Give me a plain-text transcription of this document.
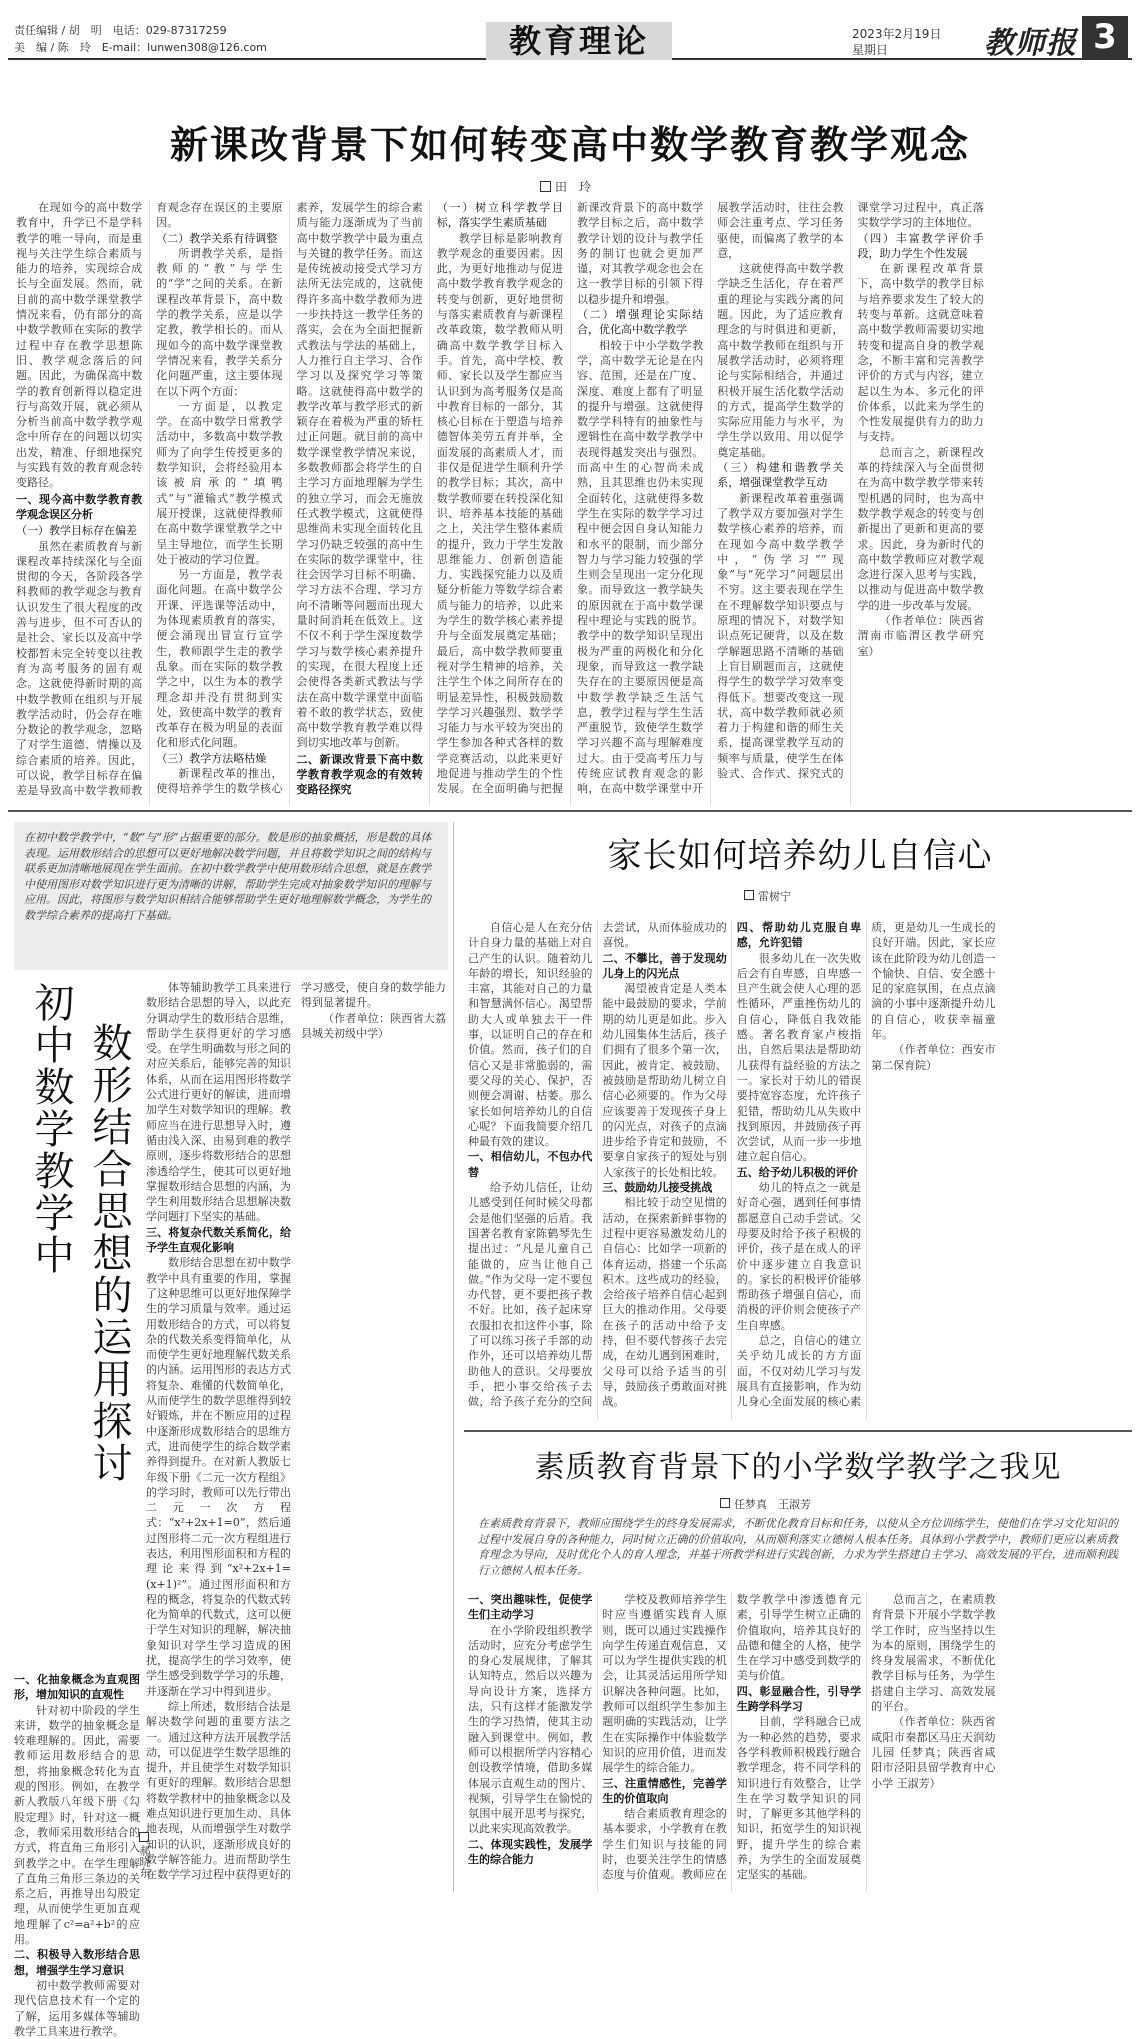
责任编辑 / 胡　明　电话：029-87317259
美　编 / 陈　玲　E-mail：lunwen308@126.com	教育理论	2023年2月19日
星期日	教师报 3
新课改背景下如何转变高中数学教育教学观念
田　玲

在现如今的高中数学教育中，升学已不是学科教学的唯一导向，而是重视与关注学生综合素质与能力的培养，实现综合成长与全面发展。然而，就目前的高中数学课堂教学情况来看，仍有部分的高中数学教师在实际的教学过程中存在教学思想陈旧、教学观念落后的问题。因此，为确保高中数学的教育创新得以稳定进行与高效开展，就必须从分析当前高中数学教学观念中所存在的问题以切实出发，精准、仔细地探究与实践有效的教育观念转变路径。

一、现今高中数学教育教学观念误区分析
（一）教学目标存在偏差

虽然在素质教育与新课程改革持续深化与全面贯彻的今天，各阶段各学科教师的教学观念与教育认识发生了很大程度的改善与进步，但不可否认的是社会、家长以及高中学校都暂未完全转变以往教育为高考服务的固有观念。这就使得新时期的高中数学教师在组织与开展教学活动时，仍会存在唯分数论的教学观念，忽略了对学生道德、情操以及综合素质的培养。因此，可以说，教学目标存在偏差是导致高中数学教师教育观念存在误区的主要原因。

（二）教学关系有待调整

所谓教学关系，是指教师的“教”与学生的“学”之间的关系。在新课程改革背景下，高中数学的教学关系，应是以学定教，教学相长的。而从现如今的高中数学课堂教学情况来看，教学关系分化问题严重，这主要体现在以下两个方面：

一方面是，以教定学。在高中数学日常教学活动中，多数高中数学教师为了向学生传授更多的数学知识，会将经验用本该被肩承的“填鸭式”与“灌输式”教学模式展开授课，这就使得教师在高中数学课堂教学之中呈主导地位，而学生长期处于被动的学习位置。

另一方面是，教学表面化问题。在高中数学公开课、评选课等活动中，为体现素质教育的落实，便会涌现出冒宣行宣学生，教师跟学生走的教学乱象。而在实际的数学教学之中，以生为本的教学理念却并没有贯彻到实处，致使高中数学的教育改革存在极为明显的表面化和形式化问题。

（三）教学方法略枯燥

新课程改革的推出，使得培养学生的数学核心素养，发展学生的综合素质与能力逐渐成为了当前高中数学教学中最为重点与关键的教学任务。而这是传统被动接受式学习方法所无法完成的，这就使得许多高中数学教师为进一步扶持这一教学任务的落实，会在为全面把握新式教法与学法的基础上，人力推行自主学习、合作学习以及探究学习等策略。这就使得高中数学的教学改革与教学形式的新颖存在着极为严重的矫枉过正问题。就目前的高中数学课堂教学情况来说，多数教师都会将学生的自主学习方面地理解为学生的独立学习，而会无施放任式教学模式，这就使得思维尚未实现全面转化且学习仍缺乏较强的高中生在实际的数学课堂中，往往会因学习目标不明确、学习方法不合理、学习方向不清晰等问题而出现大量时间消耗在低效上。这不仅不利于学生深度数学学习与数学核心素养提升的实现，在很大程度上还会使得各类新式教法与学法在高中数学课堂中面临着不敢的教学状态，致使高中数学教育教学难以得到切实地改革与创新。

二、新课改背景下高中数学教育教学观念的有效转变路径探究
（一）树立科学教学目标，落实学生素质基础

教学目标是影响教育教学观念的重要因素。因此，为更好地推动与促进高中数学教育教学观念的转变与创新，更好地贯彻与落实素质教育与新课程改革政策，数学教师从明确高中数学教学目标入手。首先，高中学校、教师、家长以及学生都应当认识到为高考服务仅是高中教育目标的一部分，其核心目标在于塑造与培养德智体美劳五育并举，全面发展的高素质人才，而非仅是促进学生顺利升学的教学目标；其次，高中数学教师要在转投深化知识、培养基本技能的基础之上，关注学生整体素质的提升，致力于学生发散思维能力、创新创造能力、实践探究能力以及质疑分析能力等数学综合素质与能力的培养，以此来为学生的数学核心素养提升与全面发展奠定基础；最后，高中数学教师要重视对学生精神的培养，关注学生个体之间所存在的明显差异性，积极鼓励数学学习兴趣强烈、数学学习能力与水平较为突出的学生参加各种式各样的数学竞赛活动，以此来更好地促进与推动学生的个性发展。在全面明确与把握新课改背景下的高中数学教学目标之后，高中数学教学计划的设计与教学任务的制订也就会更加严谨，对其教学观念也会在这一教学目标的引领下得以稳步提升和增强。

（二）增强理论实际结合，优化高中数学教学

相较于中小学数学教学，高中数学无论是在内容、范围，还是在广度、深度、难度上都有了明显的提升与增强。这就使得数学学科特有的抽象性与逻辑性在高中数学教学中表现得越发突出与强烈。而高中生的心智尚未成熟，且其思维也仍未实现全面转化，这就使得多数学生在实际的数学学习过程中便会因自身认知能力和水平的限制，而少部分智力与学习能力较强的学生则会呈现出一定分化现象。而导致这一教学缺失的原因就在于高中数学课程中理论与实践的脱节。教学中的数学知识呈现出极为严重的两极化和分化现象，而导致这一教学缺失存在的主要原因便是高中数学教学缺乏生活气息，教学过程与学生生活严重脱节，致使学生数学学习兴趣不高与理解难度过大。由于受高考压力与传统应试教育观念的影响，在高中数学课堂中开展教学活动时，往往会教师会注重考点、学习任务驱使，而偏离了教学的本意，

这就使得高中数学教学缺乏生活化，存在着严重的理论与实践分离的问题。因此，为了适应教育理念的与时俱进和更新，高中数学教师在组织与开展教学活动时，必须将理论与实际相结合，并通过积极开展生活化数学活动的方式，提高学生数学的实际应用能力与水平，为学生学以致用、用以促学奠定基础。

（三）构建和谐教学关系，增强课堂教学互动

新课程改革着重强调了教学双方要加强对学生数学核心素养的培养，而在现如今高中数学教学中，“伪学习”“现象”与“死学习”问题层出不穷。这主要表现在学生在不理解数学知识要点与原理的情况下，对数学知识点死记硬背，以及在数学解题思路不清晰的基础上盲目刷题而言，这就使得学生的数学学习效率变得低下。想要改变这一现状，高中数学教师就必须着力于构建和谐的师生关系，提高课堂教学互动的频率与质量，使学生在体验式、合作式、探究式的课堂学习过程中，真正落实数学学习的主体地位。

（四）丰富教学评价手段，助力学生个性发展

在新课程改革背景下，高中数学的教学目标与培养要求发生了较大的转变与革新。这就意味着高中数学教师需要切实地转变和提高自身的教学观念，不断丰富和完善教学评价的方式与内容，建立起以生为本、多元化的评价体系，以此来为学生的个性发展提供有力的助力与支持。

总而言之，新课程改革的持续深入与全面贯彻在为高中数学教学带来转型机遇的同时，也为高中数学教学观念的转变与创新提出了更新和更高的要求。因此，身为新时代的高中数学教师应对教学观念进行深入思考与实践，以推动与促进高中数学教学的进一步改革与发展。

（作者单位：陕西省渭南市临渭区教学研究室）

在初中数学教学中，“数”与“形”占据重要的部分。数是形的抽象概括，形是数的具体表现。运用数形结合的思想可以更好地解决数学问题，并且将数学知识之间的结构与联系更加清晰地展现在学生面前。在初中数学教学中使用数形结合思想，就是在教学中使用图形对数学知识进行更为清晰的讲解，帮助学生完成对抽象数学知识的理解与应用。因此，将图形与数学知识相结合能够帮助学生更好地理解数学概念，为学生的数学综合素养的提高打下基础。
初中数学教学中 数形结合思想的运用探讨
郝晓东

体等辅助教学工具来进行数形结合思想的导入，以此充分调动学生的数形结合思维，帮助学生获得更好的学习感受。在学生明确数与形之间的对应关系后，能够完善的知识体系，从而在运用图形将数学公式进行更好的解读，进而增加学生对数学知识的理解。教师应当在进行思想导入时，遵循由浅入深、由易到难的教学原则，逐步将数形结合的思想渗透给学生，使其可以更好地掌握数形结合思想的内涵，为学生利用数形结合思想解决数学问题打下坚实的基础。

三、将复杂代数关系简化，给予学生直观化影响

数形结合思想在初中数学教学中具有重要的作用，掌握了这种思维可以更好地保障学生的学习质量与效率。通过运用数形结合的方式，可以将复杂的代数关系变得简单化，从而使学生更好地理解代数关系的内涵。运用图形的表达方式将复杂、难懂的代数简单化，从而使学生的数学思维得到较好锻炼，并在不断应用的过程中逐渐形成数形结合的思维方式，进而使学生的综合数学素养得到提升。在对新人教版七年级下册《二元一次方程组》的学习时，教师可以先行带出二元一次方程式：“x²+2x+1=0”，然后通过图形将二元一次方程组进行表达，利用图形面积和方程的理论来得到“x²+2x+1=(x+1)²”。通过图形面积和方程的概念，将复杂的代数式转化为简单的代数式，这可以便于学生对知识的理解，解决抽象知识对学生学习造成的困扰，提高学生的学习效率，使学生感受到数学学习的乐趣，并逐渐在学习中得到进步。

综上所述，数形结合法是解决数学问题的重要方法之一。通过这种方法开展教学活动，可以促进学生数学思维的提升，并且使学生对数学知识有更好的理解。数形结合思想将数学教材中的抽象概念以及难点知识进行更加生动、具体地表现，从而增强学生对数学知识的认识，逐渐形成良好的数学解答能力。进而帮助学生在数学学习过程中获得更好的学习感受，使自身的数学能力得到显著提升。

（作者单位：陕西省大荔县城关初级中学）

一、化抽象概念为直观图形，增加知识的直观性

针对初中阶段的学生来讲，数学的抽象概念是较难理解的。因此，需要教师运用数形结合的思想，将抽象概念转化为直观的图形。例如，在教学新人教版八年级下册《勾股定理》时，针对这一概念，教师采用数形结合的方式，将直角三角形引入到教学之中。在学生理解了直角三角形三条边的关系之后，再推导出勾股定理，从而使学生更加直观地理解了c²=a²+b²的应用。

二、积极导入数形结合思想，增强学生学习意识

初中数学教师需要对现代信息技术有一个定的了解，运用多媒体等辅助教学工具来进行教学。

家长如何培养幼儿自信心
雷树宁

自信心是人在充分估计自身力量的基础上对自己产生的认识。随着幼儿年龄的增长，知识经验的丰富，其能对自己的力量和智慧满怀信心。渴望帮助大人或单独去干一件事，以证明自己的存在和价值。然而，孩子们的自信心又是非常脆弱的，需要父母的关心、保护，否则便会凋谢、枯萎。那么家长如何培养幼儿的自信心呢？下面我简要介绍几种最有效的建议。

一、相信幼儿，不包办代替

给予幼儿信任，让幼儿感受到任何时候父母都会是他们坚强的后盾。我国著名教育家陈鹤琴先生提出过：“凡是儿童自己能做的，应当让他自己做。”作为父母一定不要包办代替，更不要把孩子教不好。比如，孩子起床穿衣服扣衣扣这件小事，除了可以练习孩子手部的动作外，还可以培养幼儿帮助他人的意识。父母要放手，把小事交给孩子去做，给予孩子充分的空间去尝试，从而体验成功的喜悦。

二、不攀比，善于发现幼儿身上的闪光点

渴望被肯定是人类本能中最鼓励的要求，学前期的幼儿更是如此。步入幼儿园集体生活后，孩子们拥有了很多个第一次，因此，被肯定、被鼓励、被鼓励是帮助幼儿树立自信心必须要的。作为父母应该要善于发现孩子身上的闪光点，对孩子的点滴进步给予肯定和鼓励，不要拿自家孩子的短处与别人家孩子的长处相比较。

三、鼓励幼儿接受挑战

相比较于动空见惯的活动，在探索新鲜事物的过程中更容易激发幼儿的自信心：比如学一项新的体育运动，搭建一个乐高积木。这些成功的经验，会给孩子培养自信心起到巨大的推动作用。父母要在孩子的活动中给予支持，但不要代替孩子去完成，在幼儿遇到困难时，父母可以给予适当的引导，鼓励孩子勇敢面对挑战。

四、帮助幼儿克服自卑感，允许犯错

很多幼儿在一次失败后会有自卑感，自卑感一旦产生就会使人心理的恶性循环，严重挫伤幼儿的自信心，降低自我效能感。著名教育家卢梭指出，自然后果法是帮助幼儿获得有益经验的方法之一。家长对于幼儿的错误要持宽容态度，允许孩子犯错，帮助幼儿从失败中找到原因，并鼓励孩子再次尝试，从而一步一步地建立起自信心。

五、给予幼儿积极的评价

幼儿的特点之一就是好奇心强，遇到任何事情都愿意自己动手尝试。父母要及时给予孩子积极的评价，孩子是在成人的评价中逐步建立自我意识的。家长的积极评价能够帮助孩子增强自信心，而消极的评价则会使孩子产生自卑感。

总之，自信心的建立关乎幼儿成长的方方面面，不仅对幼儿学习与发展具有直接影响，作为幼儿身心全面发展的核心素质，更是幼儿一生成长的良好开端。因此，家长应该在此阶段为幼儿创造一个愉快、自信、安全感十足的家庭氛围，在点点滴滴的小事中逐渐提升幼儿的自信心，收获幸福童年。

（作者单位：西安市第二保育院）

素质教育背景下的小学数学教学之我见
任梦真　王淑芳
在素质教育背景下，教师应围绕学生的终身发展需求，不断优化教育目标和任务，以使从全方位训练学生，使他们在学习文化知识的过程中发展自身的各种能力，同时树立正确的价值取向，从而顺利落实立德树人根本任务。具体到小学教学中，教师们更应以素质教育理念为导向，及时优化个人的育人理念，并基于所教学科进行实践创新，力求为学生搭建自主学习、高效发展的平台，进而顺利践行立德树人根本任务。
一、突出趣味性，促使学生们主动学习

在小学阶段组织教学活动时，应充分考虑学生的身心发展规律，了解其认知特点，然后以兴趣为导向设计方案，选择方法，只有这样才能激发学生的学习热情，使其主动融入到课堂中。例如，教师可以根据所学内容精心创设教学情境，借助多媒体展示直观生动的图片、视频，引导学生在愉悦的氛围中展开思考与探究，以此来实现高效教学。

二、体现实践性，发展学生的综合能力

学校及教师培养学生时应当遵循实践育人原则，既可以通过实践操作向学生传递直观信息，又可以为学生提供实践的机会，让其灵活运用所学知识解决各种问题。比如，教师可以组织学生参加主题明确的实践活动，让学生在实际操作中体验数学知识的应用价值，进而发展学生的综合能力。

三、注重情感性，完善学生的价值取向

结合素质教育理念的基本要求，小学教育在教学生们知识与技能的同时，也要关注学生的情感态度与价值观。教师应在数学教学中渗透德育元素，引导学生树立正确的价值取向，培养其良好的品德和健全的人格，使学生在学习中感受到数学的美与价值。

四、彰显融合性，引导学生跨学科学习

目前，学科融合已成为一种必然的趋势，要求各学科教师积极践行融合教学理念，将不同学科的知识进行有效整合，让学生在学习数学知识的同时，了解更多其他学科的知识，拓宽学生的知识视野，提升学生的综合素养，为学生的全面发展奠定坚实的基础。

总而言之，在素质教育背景下开展小学数学教学工作时，应当坚持以生为本的原则，围绕学生的终身发展需求，不断优化教学目标与任务，为学生搭建自主学习、高效发展的平台。

（作者单位：陕西省咸阳市秦都区马庄天润幼儿园 任梦真；陕西省咸阳市泾阳县留学教育中心小学 王淑芳）
